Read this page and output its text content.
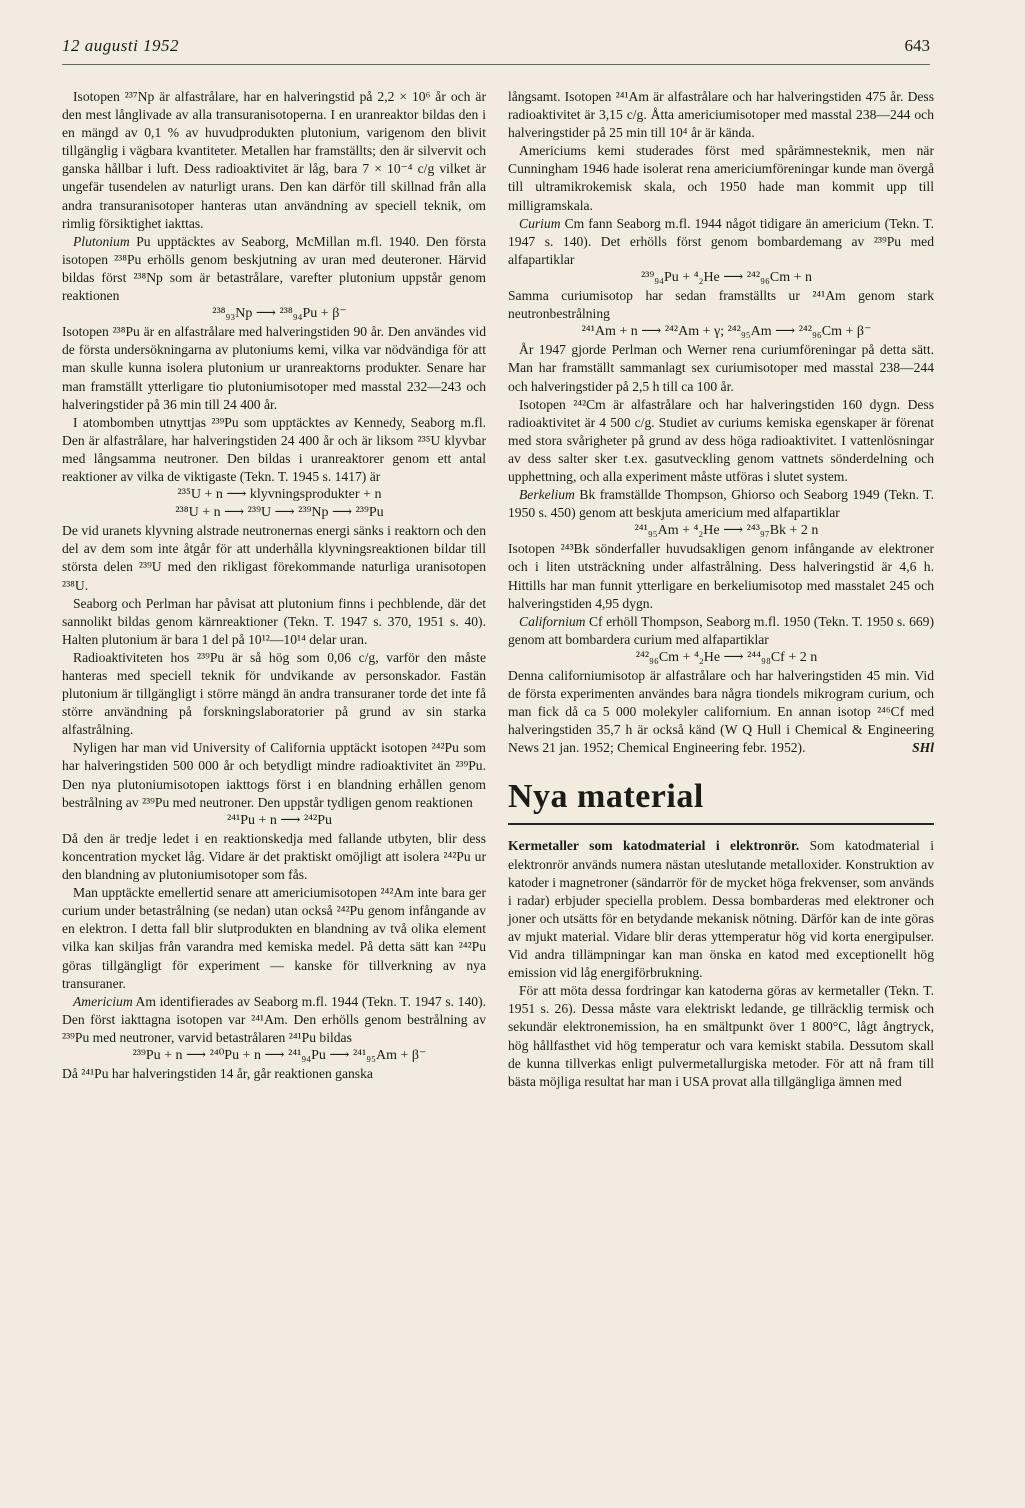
12 augusti 1952	643

Isotopen ²³⁷Np är alfastrålare, har en halveringstid på 2,2 × 10⁶ år och är den mest långlivade av alla transuranisotoperna. I en uranreaktor bildas den i en mängd av 0,1 % av huvudprodukten plutonium, varigenom den blivit tillgänglig i vägbara kvantiteter. Metallen har framställts; den är silvervit och ganska hållbar i luft. Dess radioaktivitet är låg, bara 7 × 10⁻⁴ c/g vilket är ungefär tusendelen av naturligt urans. Den kan därför till skillnad från alla andra transuranisotoper hanteras utan användning av speciell teknik, om rimlig försiktighet iakttas.

Plutonium Pu upptäcktes av Seaborg, McMillan m.fl. 1940. Den första isotopen ²³⁸Pu erhölls genom beskjutning av uran med deuteroner. Härvid bildas först ²³⁸Np som är betastrålare, varefter plutonium uppstår genom reaktionen

²³⁸₉₃Np ⟶ ²³⁸₉₄Pu + β⁻

Isotopen ²³⁸Pu är en alfastrålare med halveringstiden 90 år. Den användes vid de första undersökningarna av plutoniums kemi, vilka var nödvändiga för att man skulle kunna isolera plutonium ur uranreaktorns produkter. Senare har man framställt ytterligare tio plutoniumisotoper med masstal 232—243 och halveringstider på 36 min till 24 400 år.

I atombomben utnyttjas ²³⁹Pu som upptäcktes av Kennedy, Seaborg m.fl. Den är alfastrålare, har halveringstiden 24 400 år och är liksom ²³⁵U klyvbar med långsamma neutroner. Den bildas i uranreaktorer genom ett antal reaktioner av vilka de viktigaste (Tekn. T. 1945 s. 1417) är

²³⁵U + n ⟶ klyvningsprodukter + n

²³⁸U + n ⟶ ²³⁹U ⟶ ²³⁹Np ⟶ ²³⁹Pu

De vid uranets klyvning alstrade neutronernas energi sänks i reaktorn och den del av dem som inte åtgår för att underhålla klyvningsreaktionen bildar till största delen ²³⁹U med den rikligast förekommande naturliga uranisotopen ²³⁸U.

Seaborg och Perlman har påvisat att plutonium finns i pechblende, där det sannolikt bildas genom kärnreaktioner (Tekn. T. 1947 s. 370, 1951 s. 40). Halten plutonium är bara 1 del på 10¹²—10¹⁴ delar uran.

Radioaktiviteten hos ²³⁹Pu är så hög som 0,06 c/g, varför den måste hanteras med speciell teknik för undvikande av personskador. Fastän plutonium är tillgängligt i större mängd än andra transuraner torde det inte få större användning på forskningslaboratorier på grund av sin starka alfastrålning.

Nyligen har man vid University of California upptäckt isotopen ²⁴²Pu som har halveringstiden 500 000 år och betydligt mindre radioaktivitet än ²³⁹Pu. Den nya plutoniumisotopen iakttogs först i en blandning erhållen genom bestrålning av ²³⁹Pu med neutroner. Den uppstår tydligen genom reaktionen

²⁴¹Pu + n ⟶ ²⁴²Pu

Då den är tredje ledet i en reaktionskedja med fallande utbyten, blir dess koncentration mycket låg. Vidare är det praktiskt omöjligt att isolera ²⁴²Pu ur den blandning av plutoniumisotoper som fås.

Man upptäckte emellertid senare att americiumisotopen ²⁴²Am inte bara ger curium under betastrålning (se nedan) utan också ²⁴²Pu genom infångande av en elektron. I detta fall blir slutprodukten en blandning av två olika element vilka kan skiljas från varandra med kemiska medel. På detta sätt kan ²⁴²Pu göras tillgängligt för experiment — kanske för tillverkning av nya transuraner.

Americium Am identifierades av Seaborg m.fl. 1944 (Tekn. T. 1947 s. 140). Den först iakttagna isotopen var ²⁴¹Am. Den erhölls genom bestrålning av ²³⁹Pu med neutroner, varvid betastrålaren ²⁴¹Pu bildas

²³⁹Pu + n ⟶ ²⁴⁰Pu + n ⟶ ²⁴¹₉₄Pu ⟶ ²⁴¹₉₅Am + β⁻

Då ²⁴¹Pu har halveringstiden 14 år, går reaktionen ganska

långsamt. Isotopen ²⁴¹Am är alfastrålare och har halveringstiden 475 år. Dess radioaktivitet är 3,15 c/g. Åtta americiumisotoper med masstal 238—244 och halveringstider på 25 min till 10⁴ år är kända.

Americiums kemi studerades först med spårämnesteknik, men när Cunningham 1946 hade isolerat rena americiumföreningar kunde man övergå till ultramikrokemisk skala, och 1950 hade man kommit upp till milligramskala.

Curium Cm fann Seaborg m.fl. 1944 något tidigare än americium (Tekn. T. 1947 s. 140). Det erhölls först genom bombardemang av ²³⁹Pu med alfapartiklar

²³⁹₉₄Pu + ⁴₂He ⟶ ²⁴²₉₆Cm + n

Samma curiumisotop har sedan framställts ur ²⁴¹Am genom stark neutronbestrålning

²⁴¹Am + n ⟶ ²⁴²Am + γ; ²⁴²₉₅Am ⟶ ²⁴²₉₆Cm + β⁻

År 1947 gjorde Perlman och Werner rena curiumföreningar på detta sätt. Man har framställt sammanlagt sex curiumisotoper med masstal 238—244 och halveringstider på 2,5 h till ca 100 år.

Isotopen ²⁴²Cm är alfastrålare och har halveringstiden 160 dygn. Dess radioaktivitet är 4 500 c/g. Studiet av curiums kemiska egenskaper är förenat med stora svårigheter på grund av dess höga radioaktivitet. I vattenlösningar av dess salter sker t.ex. gasutveckling genom vattnets sönderdelning och upphettning, och alla experiment måste utföras i slutet system.

Berkelium Bk framställde Thompson, Ghiorso och Seaborg 1949 (Tekn. T. 1950 s. 450) genom att beskjuta americium med alfapartiklar

²⁴¹₉₅Am + ⁴₂He ⟶ ²⁴³₉₇Bk + 2 n

Isotopen ²⁴³Bk sönderfaller huvudsakligen genom infångande av elektroner och i liten utsträckning under alfastrålning. Dess halveringstid är 4,6 h. Hittills har man funnit ytterligare en berkeliumisotop med masstalet 245 och halveringstiden 4,95 dygn.

Californium Cf erhöll Thompson, Seaborg m.fl. 1950 (Tekn. T. 1950 s. 669) genom att bombardera curium med alfapartiklar

²⁴²₉₆Cm + ⁴₂He ⟶ ²⁴⁴₉₈Cf + 2 n

Denna californiumisotop är alfastrålare och har halveringstiden 45 min. Vid de första experimenten användes bara några tiondels mikrogram curium, och man fick då ca 5 000 molekyler californium. En annan isotop ²⁴⁶Cf med halveringstiden 35,7 h är också känd (W Q Hull i Chemical & Engineering News 21 jan. 1952; Chemical Engineering febr. 1952).	SHl

Nya material

Kermetaller som katodmaterial i elektronrör. Som katodmaterial i elektronrör används numera nästan uteslutande metalloxider. Konstruktion av katoder i magnetroner (sändarrör för de mycket höga frekvenser, som används i radar) erbjuder speciella problem. Dessa bombarderas med elektroner och joner och utsätts för en betydande mekanisk nötning. Därför kan de inte göras av mjukt material. Vidare blir deras yttemperatur hög vid korta energipulser. Vid andra tillämpningar kan man önska en katod med exceptionellt hög emission vid låg energiförbrukning.

För att möta dessa fordringar kan katoderna göras av kermetaller (Tekn. T. 1951 s. 26). Dessa måste vara elektriskt ledande, ge tillräcklig termisk och sekundär elektronemission, ha en smältpunkt över 1 800°C, lågt ångtryck, hög hållfasthet vid hög temperatur och vara kemiskt stabila. Dessutom skall de kunna tillverkas enligt pulvermetallurgiska metoder. För att nå fram till bästa möjliga resultat har man i USA provat alla tillgängliga ämnen med
